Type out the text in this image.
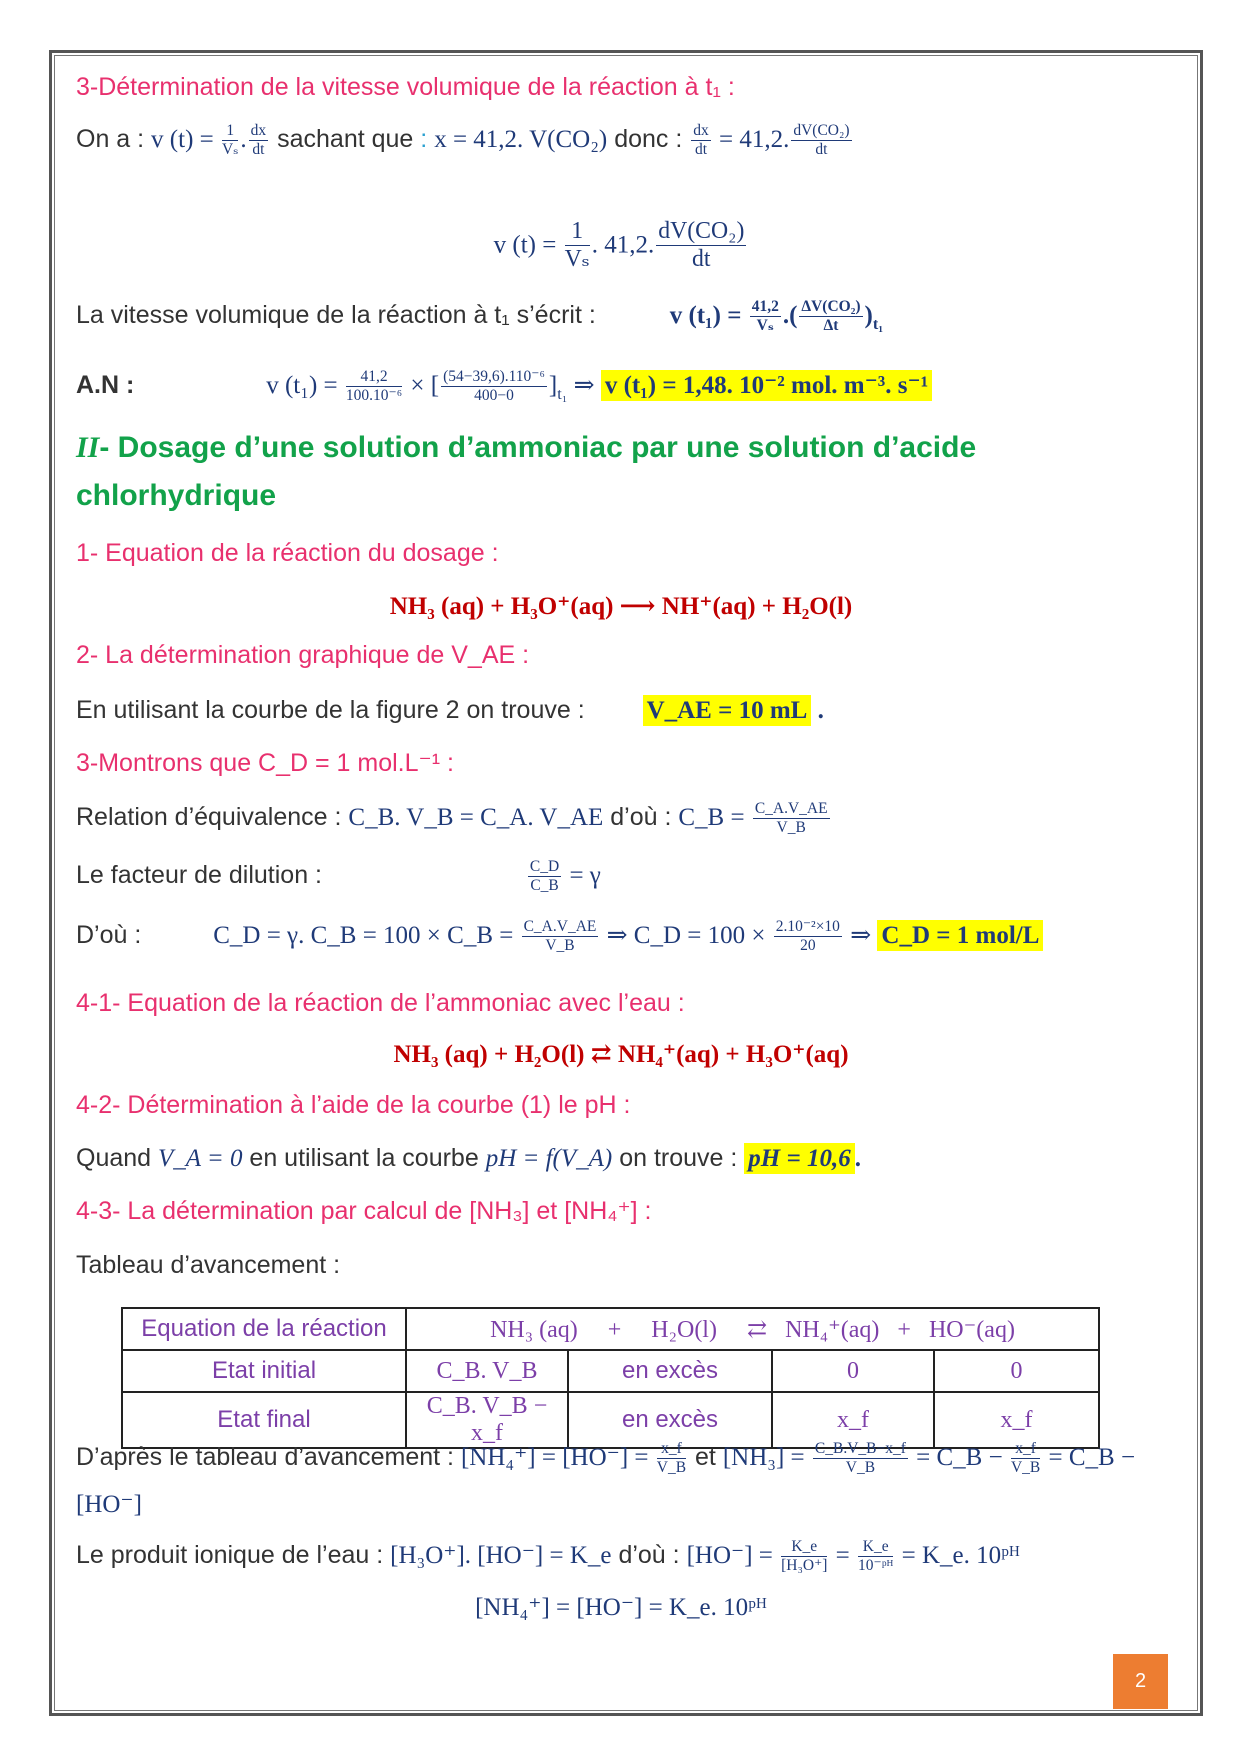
3-Détermination de la vitesse volumique de la réaction à t₁ :
On a : v $(t) = \frac{1}{\text{Vₛ}}$ . $\frac{dx}{dt}$ sachant que : x = 41,2. V(CO₂) donc : $\frac{dx}{dt} = 41,2$. $\frac{\text{dV(CO₂)}}{dt}$
v $(t) = \frac{1}{\text{Vₛ}}$ . 41,2. $\frac{\text{dV(CO₂)}}{dt}$
La vitesse volumique de la réaction à t₁ s’écrit :	v $(t_1) = \frac{41,2}{\text{Vₛ}}$ .( $\frac{\text{ΔV(CO₂)}}{\Delta t} )_{t_1}$
A.N :	v $(t_1) = \frac{41,2}{\text{100.10⁻⁶}}$ × [ $\frac{\text{(54−39,6).110⁻⁶}}{400-0} ]_{t_1}$ ⇒ v (t₁) = 1,48. 10⁻² mol. m⁻³. s⁻¹
II- Dosage d’une solution d’ammoniac par une solution d’acide
chlorhydrique
1- Equation de la réaction du dosage :
NH₃ (aq) + H₃O⁺(aq) ⟶ NH⁺(aq) + H₂O(l)
2- La détermination graphique de V_AE :
En utilisant la courbe de la figure 2 on trouve : V_AE = 10 mL .
3-Montrons que C_D = 1 mol.L⁻¹ :
Relation d’équivalence : C_B. V_B = C_A. V_AE d’où : C_B = $\frac{C\_A.V\_AE}{V\_B}$
Le facteur de dilution :	$\frac{C\_D}{C\_B} = \gamma$
D’où :	C_D = γ. C_B = 100 × C_B = $\frac{C\_A.V\_AE}{V\_B}$ ⇒ C_D = $100 \times \frac{\text{2.10⁻²×10}}{20}$ ⇒ C_D = 1 mol/L
4-1- Equation de la réaction de l’ammoniac avec l’eau :
NH₃ (aq) + H₂O(l) ⇄ NH₄⁺(aq) + H₃O⁺(aq)
4-2- Détermination à l’aide de la courbe (1) le pH :
Quand V_A = 0 en utilisant la courbe pH = f(V_A) on trouve : pH = 10,6 .
4-3- La détermination par calcul de [NH₃] et [NH₄⁺] :
Tableau d’avancement :
Equation de la réaction	NH₃ (aq) + H₂O(l) ⇄ NH₄⁺(aq) + HO⁻(aq)			
Etat initial	C_B. V_B	en excès	0	0
Etat final	C_B. V_B − x_f	en excès	x_f	x_f
D’après le tableau d’avancement : $[NH_4^+] = [HO^-] = \frac{x\_f}{V\_B}$ et $[NH_3] = \frac{C\_B.V\_B-x\_f}{V\_B}$ = C_B − $\frac{x\_f}{V\_B}$ = C_B −
[HO⁻]
Le produit ionique de l’eau : [H₃O⁺]. [HO⁻] = K_e d’où : $[HO^-] = \frac{K\_e}{\text{[H₃O⁺]}} = \frac{K\_e}{\text{10⁻ᵖᴴ}}$ = K_e. 10ᵖᴴ
[NH₄⁺] = [HO⁻] = K_e. 10ᵖᴴ
2
